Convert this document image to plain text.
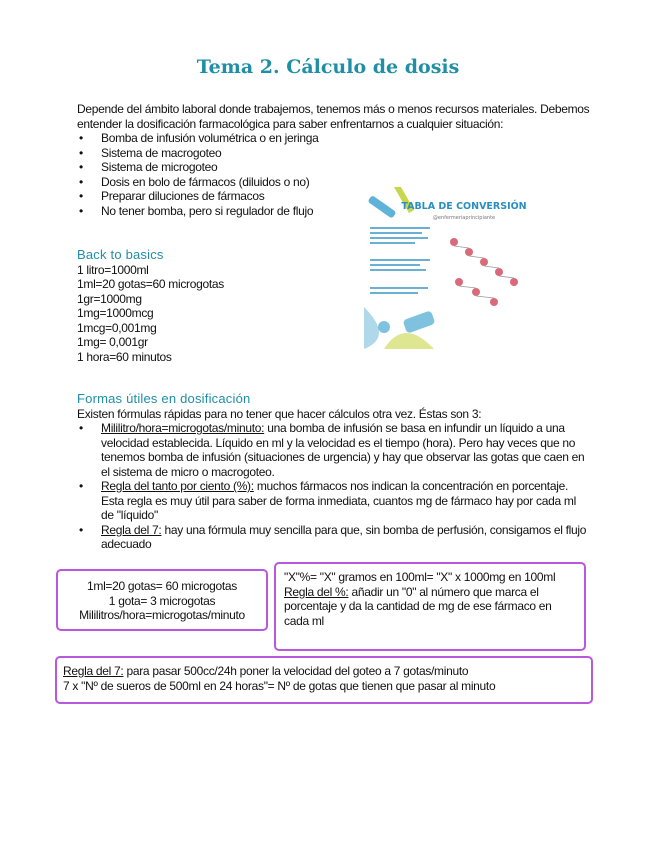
Tema 2. Cálculo de dosis
Depende del ámbito laboral donde trabajemos, tenemos más o menos recursos materiales. Debemos entender la dosificación farmacológica para saber enfrentarnos a cualquier situación:
• Bomba de infusión volumétrica o en jeringa
• Sistema de macrogoteo
• Sistema de microgoteo
• Dosis en bolo de fármacos (diluidos o no)
• Preparar diluciones de fármacos
• No tener bomba, pero si regulador de flujo
Back to basics
1 litro=1000ml
1ml=20 gotas=60 microgotas
1gr=1000mg
1mg=1000mcg
1mcg=0,001mg
1mg= 0,001gr
1 hora=60 minutos
TABLA DE CONVERSIÓN
@enfermeriaprincipiante
Formas útiles en dosificación
Existen fórmulas rápidas para no tener que hacer cálculos otra vez. Éstas son 3:
• Mililitro/hora=microgotas/minuto: una bomba de infusión se basa en infundir un líquido a una velocidad establecida. Líquido en ml y la velocidad es el tiempo (hora). Pero hay veces que no tenemos bomba de infusión (situaciones de urgencia) y hay que observar las gotas que caen en el sistema de micro o macrogoteo.
• Regla del tanto por ciento (%): muchos fármacos nos indican la concentración en porcentaje. Esta regla es muy útil para saber de forma inmediata, cuantos mg de fármaco hay por cada ml de "líquido"
• Regla del 7: hay una fórmula muy sencilla para que, sin bomba de perfusión, consigamos el flujo adecuado
1ml=20 gotas= 60 microgotas
1 gota= 3 microgotas
Mililitros/hora=microgotas/minuto
"X"%= "X" gramos en 100ml= "X" x 1000mg en 100ml
Regla del %: añadir un "0" al número que marca el porcentaje y da la cantidad de mg de ese fármaco en cada ml
Regla del 7: para pasar 500cc/24h poner la velocidad del goteo a 7 gotas/minuto
7 x "Nº de sueros de 500ml en 24 horas"= Nº de gotas que tienen que pasar al minuto
